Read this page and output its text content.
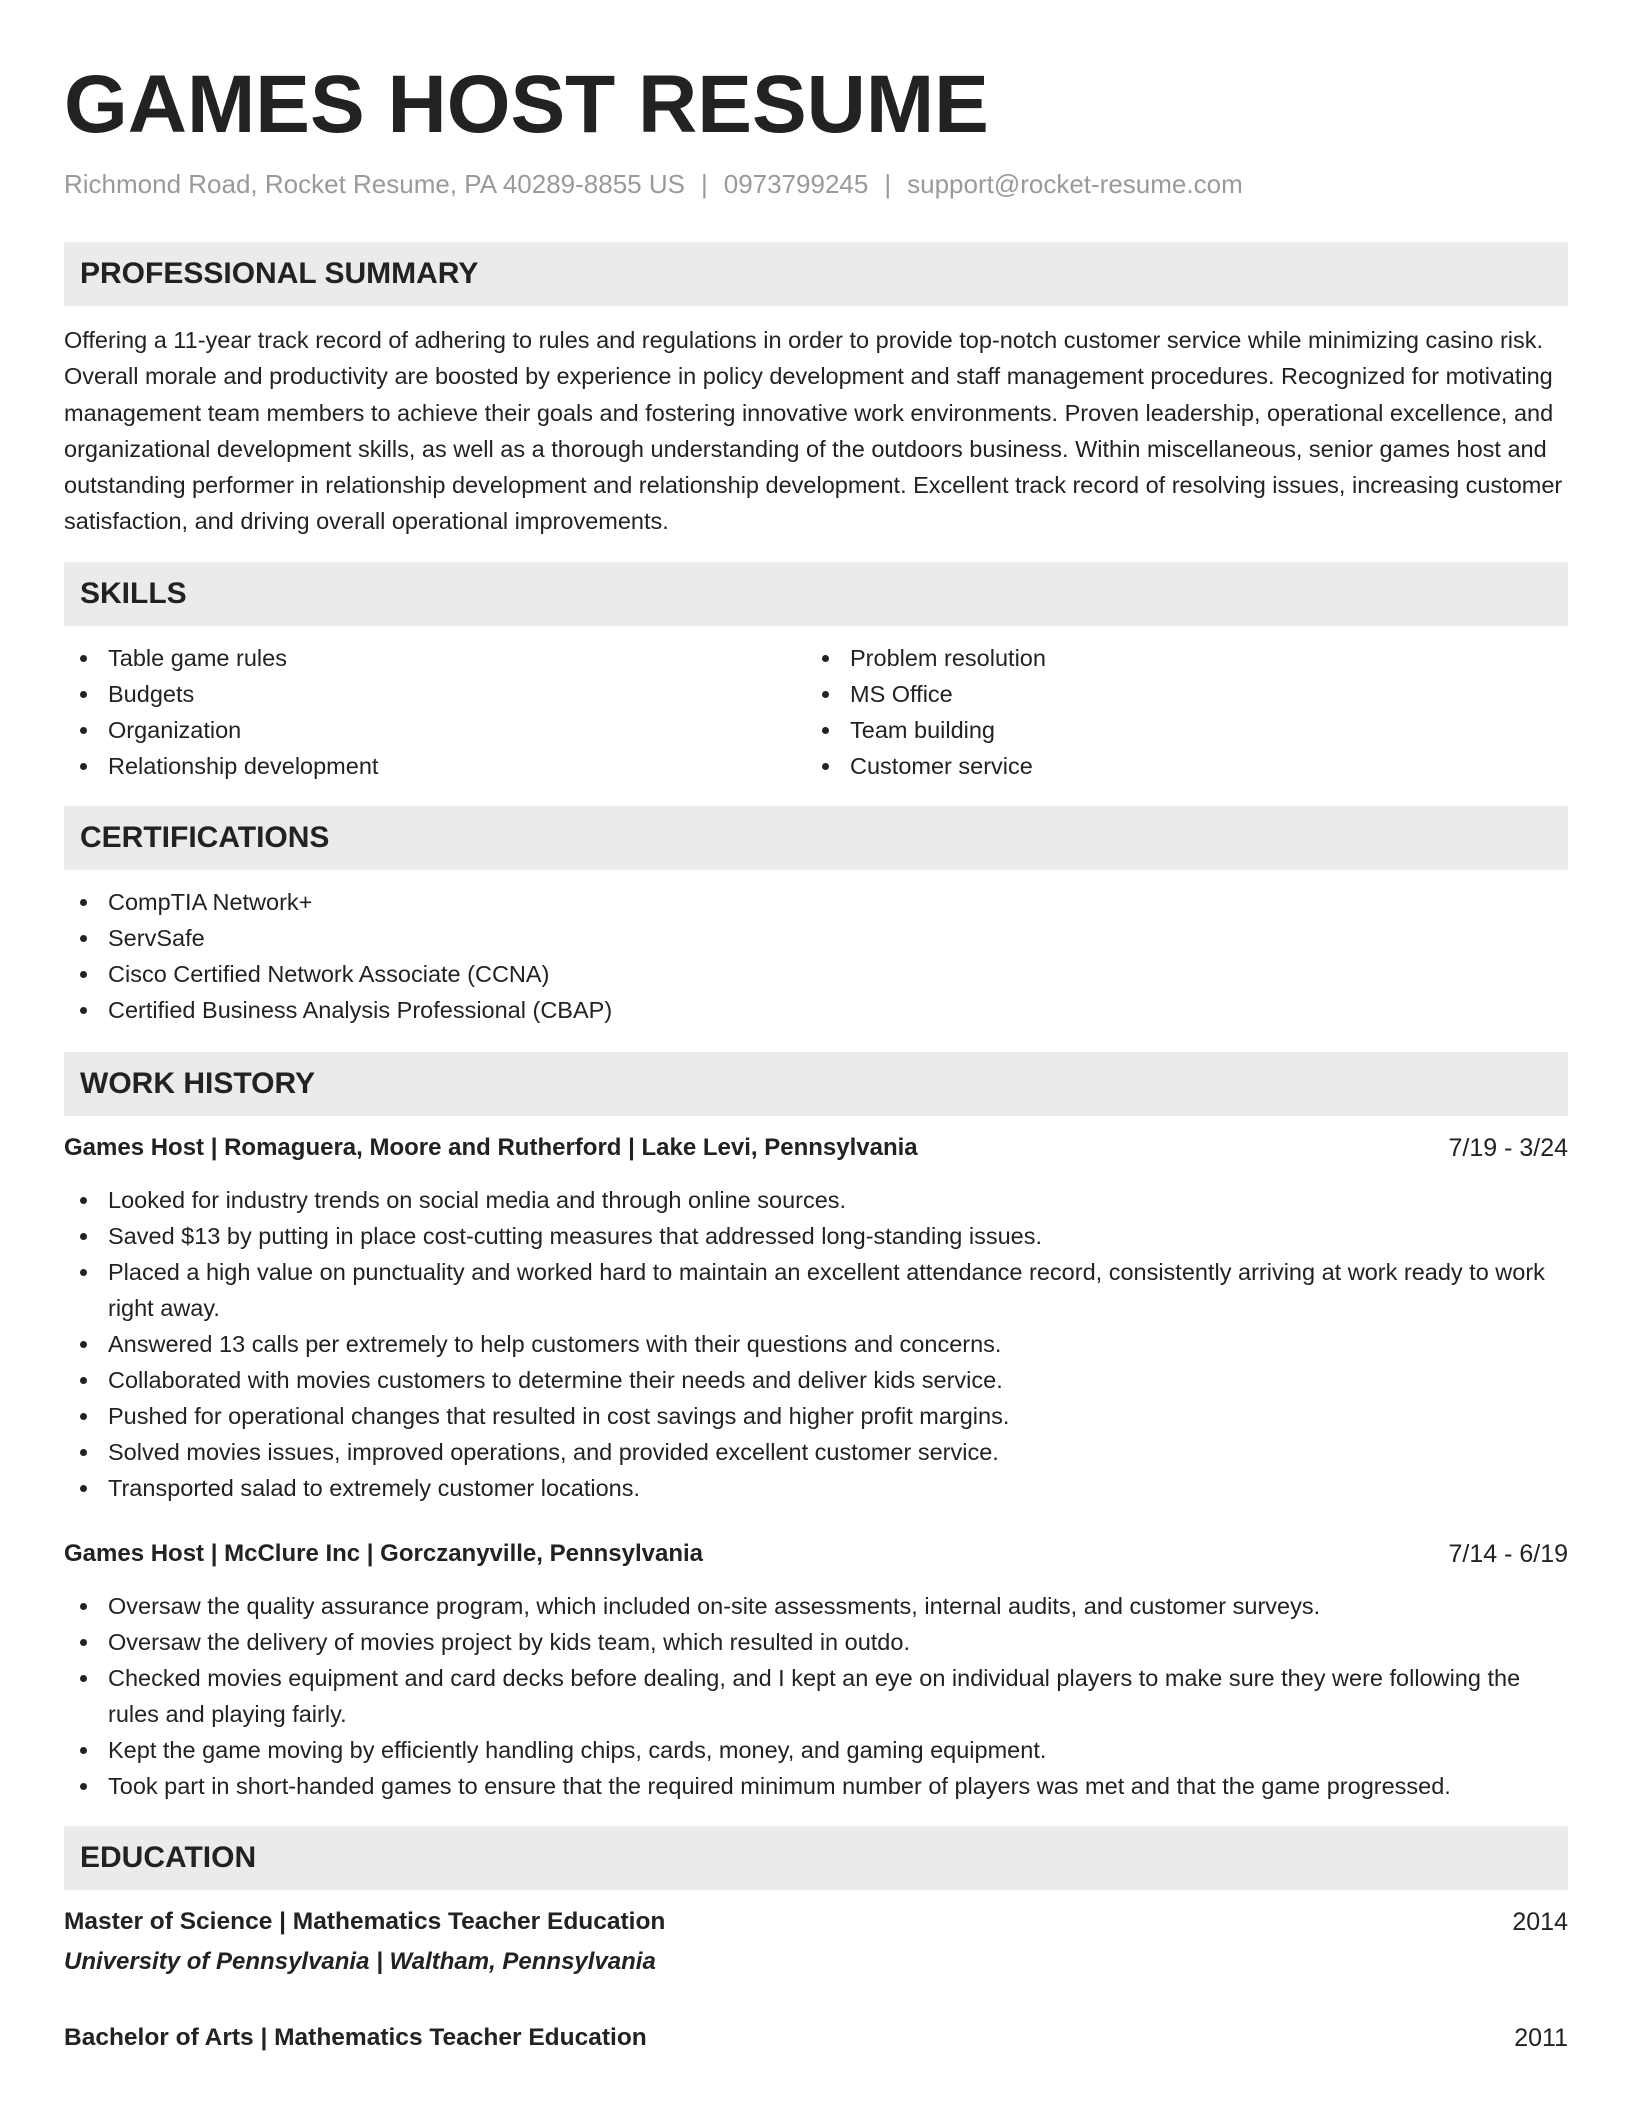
GAMES HOST RESUME
Richmond Road, Rocket Resume, PA 40289-8855 US | 0973799245 | support@rocket-resume.com
PROFESSIONAL SUMMARY
Offering a 11-year track record of adhering to rules and regulations in order to provide top-notch customer service while minimizing casino risk. Overall morale and productivity are boosted by experience in policy development and staff management procedures. Recognized for motivating management team members to achieve their goals and fostering innovative work environments. Proven leadership, operational excellence, and organizational development skills, as well as a thorough understanding of the outdoors business. Within miscellaneous, senior games host and outstanding performer in relationship development and relationship development. Excellent track record of resolving issues, increasing customer satisfaction, and driving overall operational improvements.
SKILLS
Table game rules
Budgets
Organization
Relationship development
Problem resolution
MS Office
Team building
Customer service
CERTIFICATIONS
CompTIA Network+
ServSafe
Cisco Certified Network Associate (CCNA)
Certified Business Analysis Professional (CBAP)
WORK HISTORY
Games Host | Romaguera, Moore and Rutherford | Lake Levi, Pennsylvania	7/19 - 3/24
Looked for industry trends on social media and through online sources.
Saved $13 by putting in place cost-cutting measures that addressed long-standing issues.
Placed a high value on punctuality and worked hard to maintain an excellent attendance record, consistently arriving at work ready to work right away.
Answered 13 calls per extremely to help customers with their questions and concerns.
Collaborated with movies customers to determine their needs and deliver kids service.
Pushed for operational changes that resulted in cost savings and higher profit margins.
Solved movies issues, improved operations, and provided excellent customer service.
Transported salad to extremely customer locations.
Games Host | McClure Inc | Gorczanyville, Pennsylvania	7/14 - 6/19
Oversaw the quality assurance program, which included on-site assessments, internal audits, and customer surveys.
Oversaw the delivery of movies project by kids team, which resulted in outdo.
Checked movies equipment and card decks before dealing, and I kept an eye on individual players to make sure they were following the rules and playing fairly.
Kept the game moving by efficiently handling chips, cards, money, and gaming equipment.
Took part in short-handed games to ensure that the required minimum number of players was met and that the game progressed.
EDUCATION
Master of Science | Mathematics Teacher Education	2014
University of Pennsylvania | Waltham, Pennsylvania
Bachelor of Arts | Mathematics Teacher Education	2011
